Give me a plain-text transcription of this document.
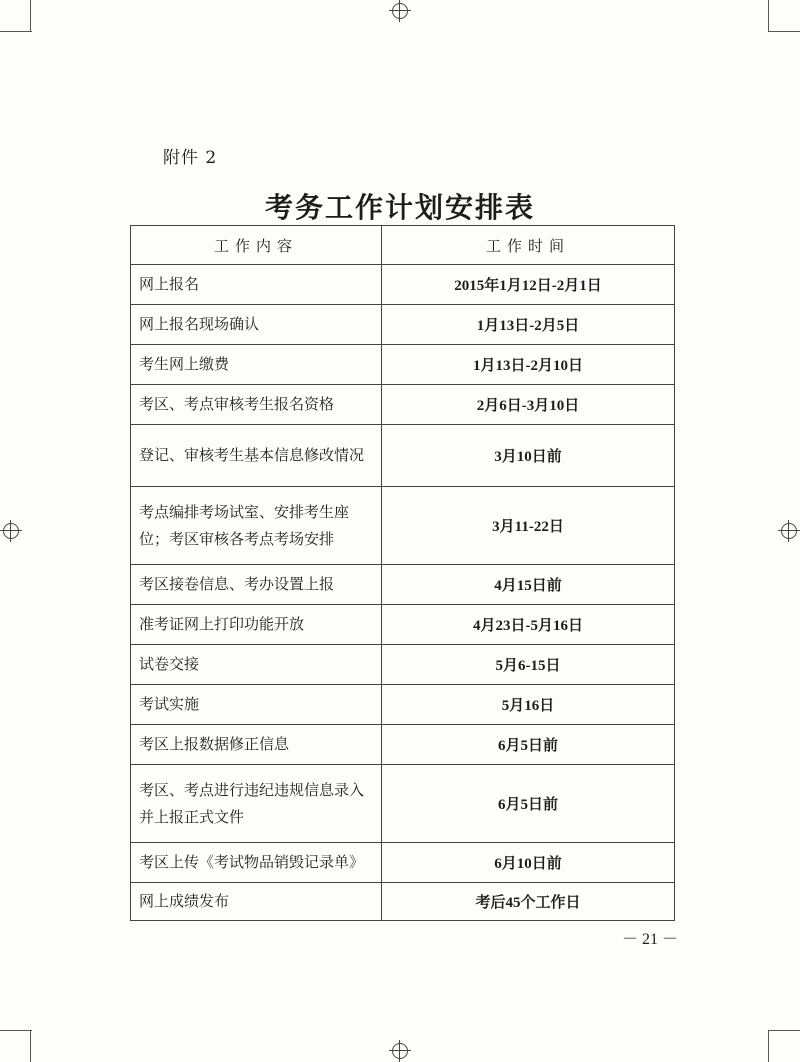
附件 2
考务工作计划安排表
工作内容	工作时间
网上报名	2015年1月12日-2月1日
网上报名现场确认	1月13日-2月5日
考生网上缴费	1月13日-2月10日
考区、考点审核考生报名资格	2月6日-3月10日
登记、审核考生基本信息修改情况	3月10日前
考点编排考场试室、安排考生座位；考区审核各考点考场安排	3月11-22日
考区接卷信息、考办设置上报	4月15日前
准考证网上打印功能开放	4月23日-5月16日
试卷交接	5月6-15日
考试实施	5月16日
考区上报数据修正信息	6月5日前
考区、考点进行违纪违规信息录入并上报正式文件	6月5日前
考区上传《考试物品销毁记录单》	6月10日前
网上成绩发布	考后45个工作日
－ 21 －
